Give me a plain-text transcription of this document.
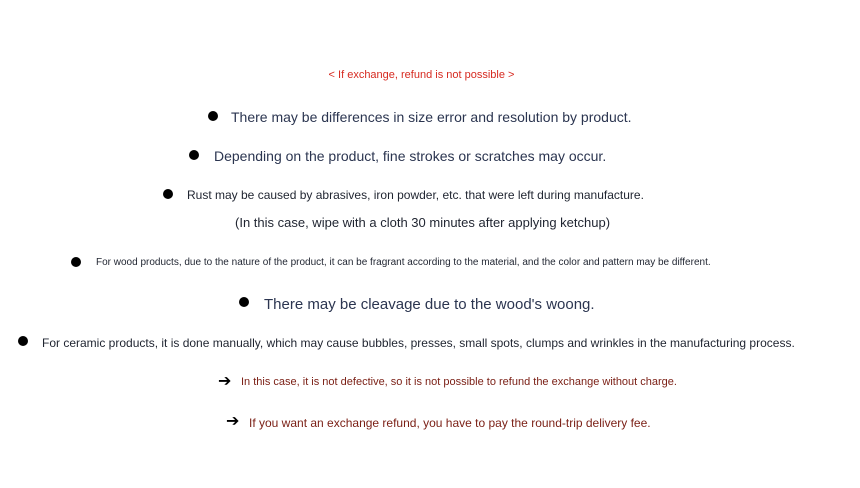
< If exchange, refund is not possible >
There may be differences in size error and resolution by product.
Depending on the product, fine strokes or scratches may occur.
Rust may be caused by abrasives, iron powder, etc. that were left during manufacture.
(In this case, wipe with a cloth 30 minutes after applying ketchup)
For wood products, due to the nature of the product, it can be fragrant according to the material, and the color and pattern may be different.
There may be cleavage due to the wood's woong.
For ceramic products, it is done manually, which may cause bubbles, presses, small spots, clumps and wrinkles in the manufacturing process.
➔ In this case, it is not defective, so it is not possible to refund the exchange without charge.
➔ If you want an exchange refund, you have to pay the round-trip delivery fee.
